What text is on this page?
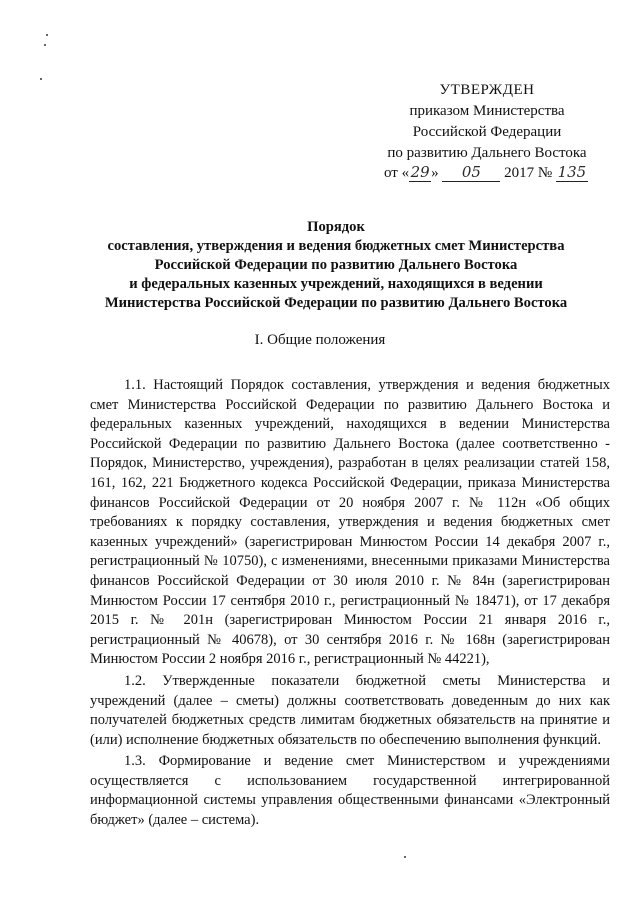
УТВЕРЖДЕН
приказом Министерства
Российской Федерации
по развитию Дальнего Востока
от «29» 05 2017 № 135
Порядок
составления, утверждения и ведения бюджетных смет Министерства
Российской Федерации по развитию Дальнего Востока
и федеральных казенных учреждений, находящихся в ведении
Министерства Российской Федерации по развитию Дальнего Востока
I. Общие положения

1.1. Настоящий Порядок составления, утверждения и ведения бюджетных смет Министерства Российской Федерации по развитию Дальнего Востока и федеральных казенных учреждений, находящихся в ведении Министерства Российской Федерации по развитию Дальнего Востока (далее соответственно - Порядок, Министерство, учреждения), разработан в целях реализации статей 158, 161, 162, 221 Бюджетного кодекса Российской Федерации, приказа Министерства финансов Российской Федерации от 20 ноября 2007 г. № 112н «Об общих требованиях к порядку составления, утверждения и ведения бюджетных смет казенных учреждений» (зарегистрирован Минюстом России 14 декабря 2007 г., регистрационный № 10750), с изменениями, внесенными приказами Министерства финансов Российской Федерации от 30 июля 2010 г. № 84н (зарегистрирован Минюстом России 17 сентября 2010 г., регистрационный № 18471), от 17 декабря 2015 г. № 201н (зарегистрирован Минюстом России 21 января 2016 г., регистрационный № 40678), от 30 сентября 2016 г. № 168н (зарегистрирован Минюстом России 2 ноября 2016 г., регистрационный № 44221),

1.2. Утвержденные показатели бюджетной сметы Министерства и учреждений (далее – сметы) должны соответствовать доведенным до них как получателей бюджетных средств лимитам бюджетных обязательств на принятие и (или) исполнение бюджетных обязательств по обеспечению выполнения функций.

1.3. Формирование и ведение смет Министерством и учреждениями осуществляется с использованием государственной интегрированной информационной системы управления общественными финансами «Электронный бюджет» (далее – система).
